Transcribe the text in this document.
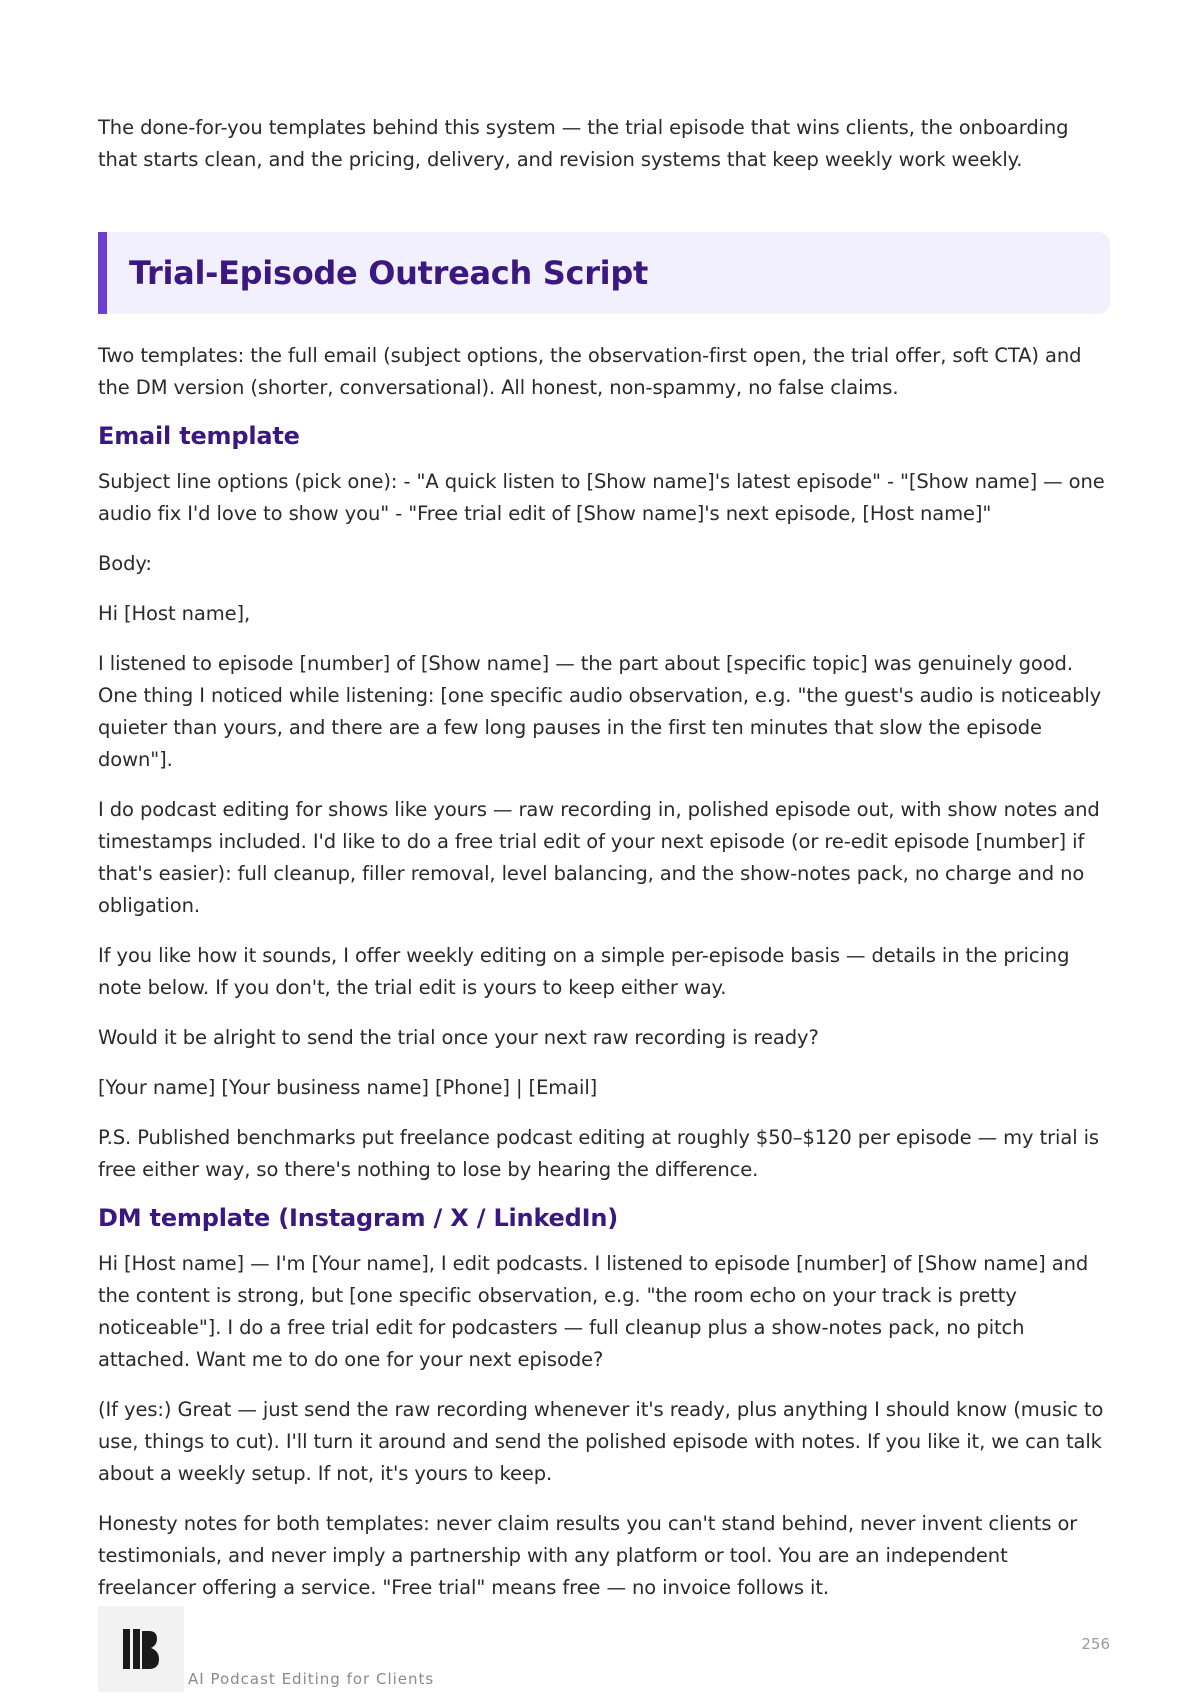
The done-for-you templates behind this system — the trial episode that wins clients, the onboarding that starts clean, and the pricing, delivery, and revision systems that keep weekly work weekly.

Trial-Episode Outreach Script

Two templates: the full email (subject options, the observation-first open, the trial offer, soft CTA) and the DM version (shorter, conversational). All honest, non-spammy, no false claims.

Email template

Subject line options (pick one): - "A quick listen to [Show name]'s latest episode" - "[Show name] — one audio fix I'd love to show you" - "Free trial edit of [Show name]'s next episode, [Host name]"

Body:

Hi [Host name],

I listened to episode [number] of [Show name] — the part about [specific topic] was genuinely good. One thing I noticed while listening: [one specific audio observation, e.g. "the guest's audio is noticeably quieter than yours, and there are a few long pauses in the first ten minutes that slow the episode down"].

I do podcast editing for shows like yours — raw recording in, polished episode out, with show notes and timestamps included. I'd like to do a free trial edit of your next episode (or re-edit episode [number] if that's easier): full cleanup, filler removal, level balancing, and the show-notes pack, no charge and no obligation.

If you like how it sounds, I offer weekly editing on a simple per-episode basis — details in the pricing note below. If you don't, the trial edit is yours to keep either way.

Would it be alright to send the trial once your next raw recording is ready?

[Your name] [Your business name] [Phone] | [Email]

P.S. Published benchmarks put freelance podcast editing at roughly $50–$120 per episode — my trial is free either way, so there's nothing to lose by hearing the difference.

DM template (Instagram / X / LinkedIn)

Hi [Host name] — I'm [Your name], I edit podcasts. I listened to episode [number] of [Show name] and the content is strong, but [one specific observation, e.g. "the room echo on your track is pretty noticeable"]. I do a free trial edit for podcasters — full cleanup plus a show-notes pack, no pitch attached. Want me to do one for your next episode?

(If yes:) Great — just send the raw recording whenever it's ready, plus anything I should know (music to use, things to cut). I'll turn it around and send the polished episode with notes. If you like it, we can talk about a weekly setup. If not, it's yours to keep.

Honesty notes for both templates: never claim results you can't stand behind, never invent clients or testimonials, and never imply a partnership with any platform or tool. You are an independent freelancer offering a service. "Free trial" means free — no invoice follows it.

AI Podcast Editing for Clients
256
